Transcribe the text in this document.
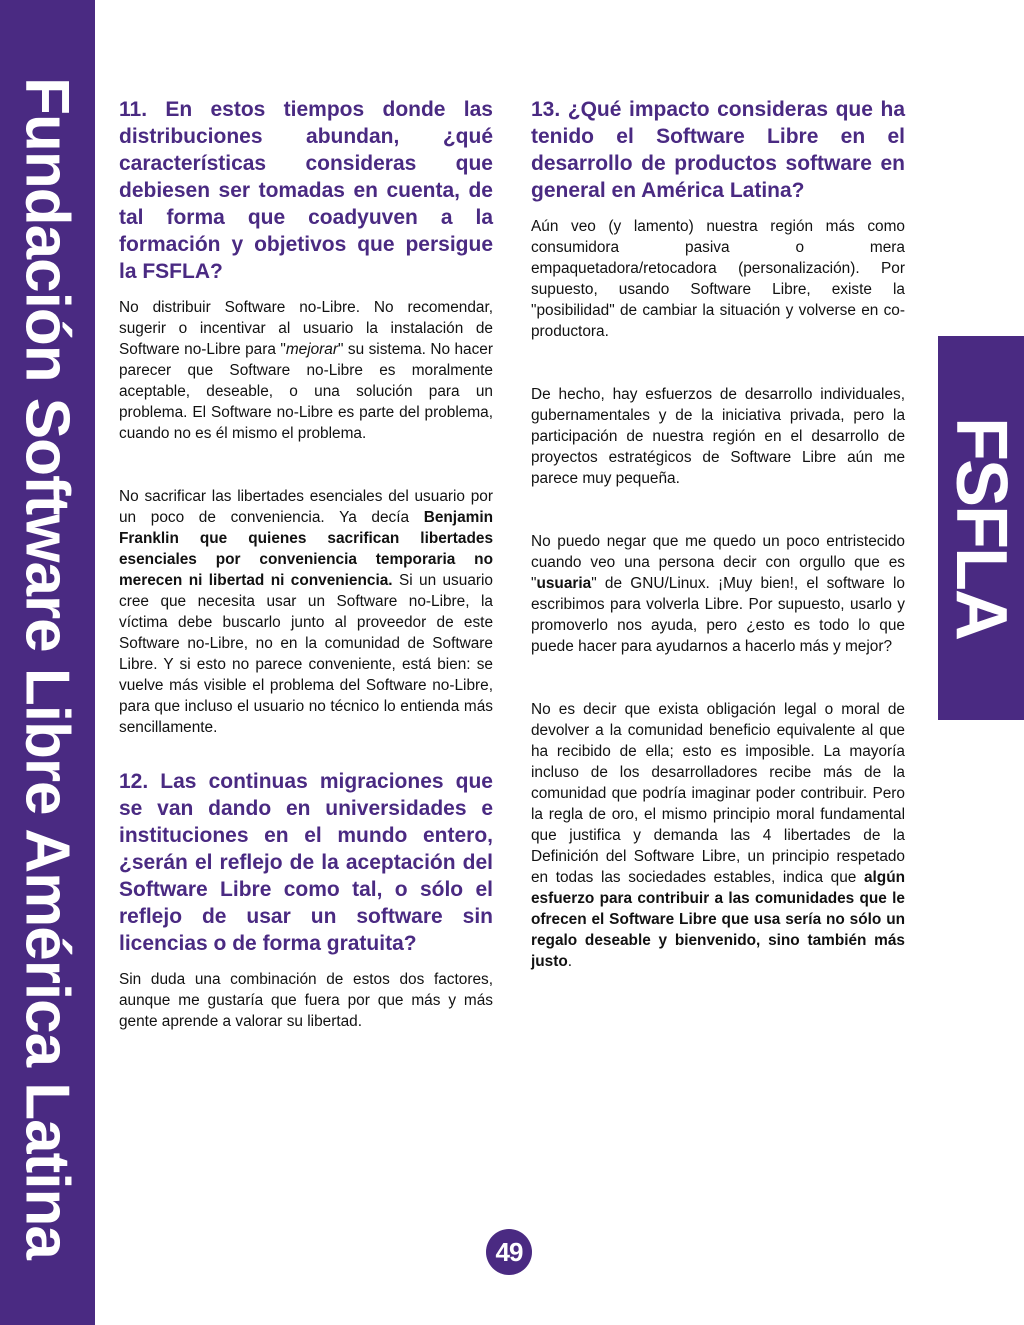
Fundación Software Libre América Latina	FSFLA
11. En estos tiempos donde las distribuciones abundan, ¿qué características consideras que debiesen ser tomadas en cuenta, de tal forma que coadyuven a la formación y objetivos que persigue la FSFLA?

No distribuir Software no-Libre. No recomendar, sugerir o incentivar al usuario la instalación de Software no-Libre para "mejorar" su sistema. No hacer parecer que Software no-Libre es moralmente aceptable, deseable, o una solución para un problema. El Software no-Libre es parte del problema, cuando no es él mismo el problema.

No sacrificar las libertades esenciales del usuario por un poco de conveniencia. Ya decía Benjamin Franklin que quienes sacrifican libertades esenciales por conveniencia temporaria no merecen ni libertad ni conveniencia. Si un usuario cree que necesita usar un Software no-Libre, la víctima debe buscarlo junto al proveedor de este Software no-Libre, no en la comunidad de Software Libre. Y si esto no parece conveniente, está bien: se vuelve más visible el problema del Software no-Libre, para que incluso el usuario no técnico lo entienda más sencillamente.

12. Las continuas migraciones que se van dando en universidades e instituciones en el mundo entero, ¿serán el reflejo de la aceptación del Software Libre como tal, o sólo el reflejo de usar un software sin licencias o de forma gratuita?

Sin duda una combinación de estos dos factores, aunque me gustaría que fuera por que más y más gente aprende a valorar su libertad.

13. ¿Qué impacto consideras que ha tenido el Software Libre en el desarrollo de productos software en general en América Latina?

Aún veo (y lamento) nuestra región más como consumidora pasiva o mera empaquetadora/retocadora (personalización). Por supuesto, usando Software Libre, existe la "posibilidad" de cambiar la situación y volverse en co-productora.

De hecho, hay esfuerzos de desarrollo individuales, gubernamentales y de la iniciativa privada, pero la participación de nuestra región en el desarrollo de proyectos estratégicos de Software Libre aún me parece muy pequeña.

No puedo negar que me quedo un poco entristecido cuando veo una persona decir con orgullo que es "usuaria" de GNU/Linux. ¡Muy bien!, el software lo escribimos para volverla Libre. Por supuesto, usarlo y promoverlo nos ayuda, pero ¿esto es todo lo que puede hacer para ayudarnos a hacerlo más y mejor?

No es decir que exista obligación legal o moral de devolver a la comunidad beneficio equivalente al que ha recibido de ella; esto es imposible. La mayoría incluso de los desarrolladores recibe más de la comunidad que podría imaginar poder contribuir. Pero la regla de oro, el mismo principio moral fundamental que justifica y demanda las 4 libertades de la Definición del Software Libre, un principio respetado en todas las sociedades estables, indica que algún esfuerzo para contribuir a las comunidades que le ofrecen el Software Libre que usa sería no sólo un regalo deseable y bienvenido, sino también más justo.

49
